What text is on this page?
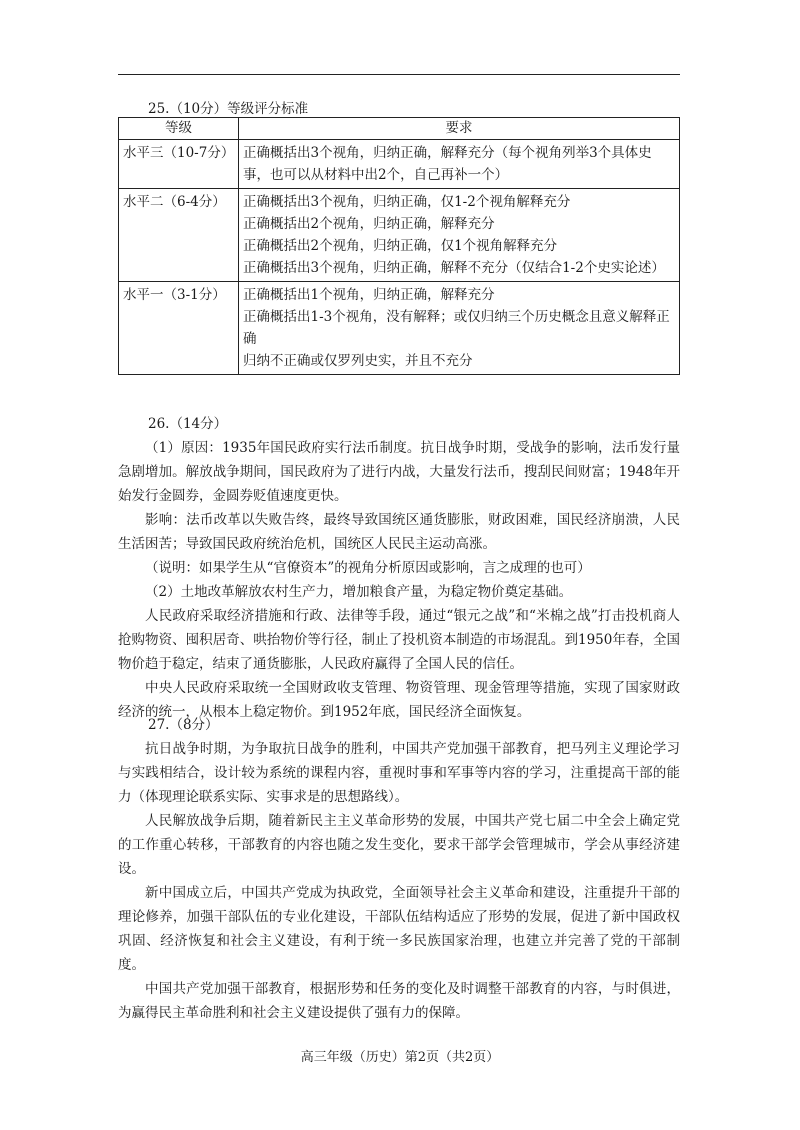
25.（10分）等级评分标准
等级	要求
水平三（10-7分）	正确概括出3个视角，归纳正确，解释充分（每个视角列举3个具体史事，也可以从材料中出2个，自己再补一个）

水平二（6-4分）	正确概括出3个视角，归纳正确，仅1-2个视角解释充分
正确概括出2个视角，归纳正确，解释充分
正确概括出2个视角，归纳正确，仅1个视角解释充分
正确概括出3个视角，归纳正确，解释不充分（仅结合1-2个史实论述）

水平一（3-1分）	正确概括出1个视角，归纳正确，解释充分
正确概括出1-3个视角，没有解释；或仅归纳三个历史概念且意义解释正确
归纳不正确或仅罗列史实，并且不充分
26.（14分）

（1）原因：1935年国民政府实行法币制度。抗日战争时期，受战争的影响，法币发行量急剧增加。解放战争期间，国民政府为了进行内战，大量发行法币，搜刮民间财富；1948年开始发行金圆券，金圆券贬值速度更快。

影响：法币改革以失败告终，最终导致国统区通货膨胀，财政困难，国民经济崩溃，人民生活困苦；导致国民政府统治危机，国统区人民民主运动高涨。

（说明：如果学生从“官僚资本”的视角分析原因或影响，言之成理的也可）

（2）土地改革解放农村生产力，增加粮食产量，为稳定物价奠定基础。

人民政府采取经济措施和行政、法律等手段，通过“银元之战”和“米棉之战”打击投机商人抢购物资、囤积居奇、哄抬物价等行径，制止了投机资本制造的市场混乱。到1950年春，全国物价趋于稳定，结束了通货膨胀，人民政府赢得了全国人民的信任。

中央人民政府采取统一全国财政收支管理、物资管理、现金管理等措施，实现了国家财政经济的统一，从根本上稳定物价。到1952年底，国民经济全面恢复。

27.（8分）

抗日战争时期，为争取抗日战争的胜利，中国共产党加强干部教育，把马列主义理论学习与实践相结合，设计较为系统的课程内容，重视时事和军事等内容的学习，注重提高干部的能力（体现理论联系实际、实事求是的思想路线）。

人民解放战争后期，随着新民主主义革命形势的发展，中国共产党七届二中全会上确定党的工作重心转移，干部教育的内容也随之发生变化，要求干部学会管理城市，学会从事经济建设。

新中国成立后，中国共产党成为执政党，全面领导社会主义革命和建设，注重提升干部的理论修养，加强干部队伍的专业化建设，干部队伍结构适应了形势的发展，促进了新中国政权巩固、经济恢复和社会主义建设，有利于统一多民族国家治理，也建立并完善了党的干部制度。

中国共产党加强干部教育，根据形势和任务的变化及时调整干部教育的内容，与时俱进，为赢得民主革命胜利和社会主义建设提供了强有力的保障。

高三年级（历史）第2页（共2页）
